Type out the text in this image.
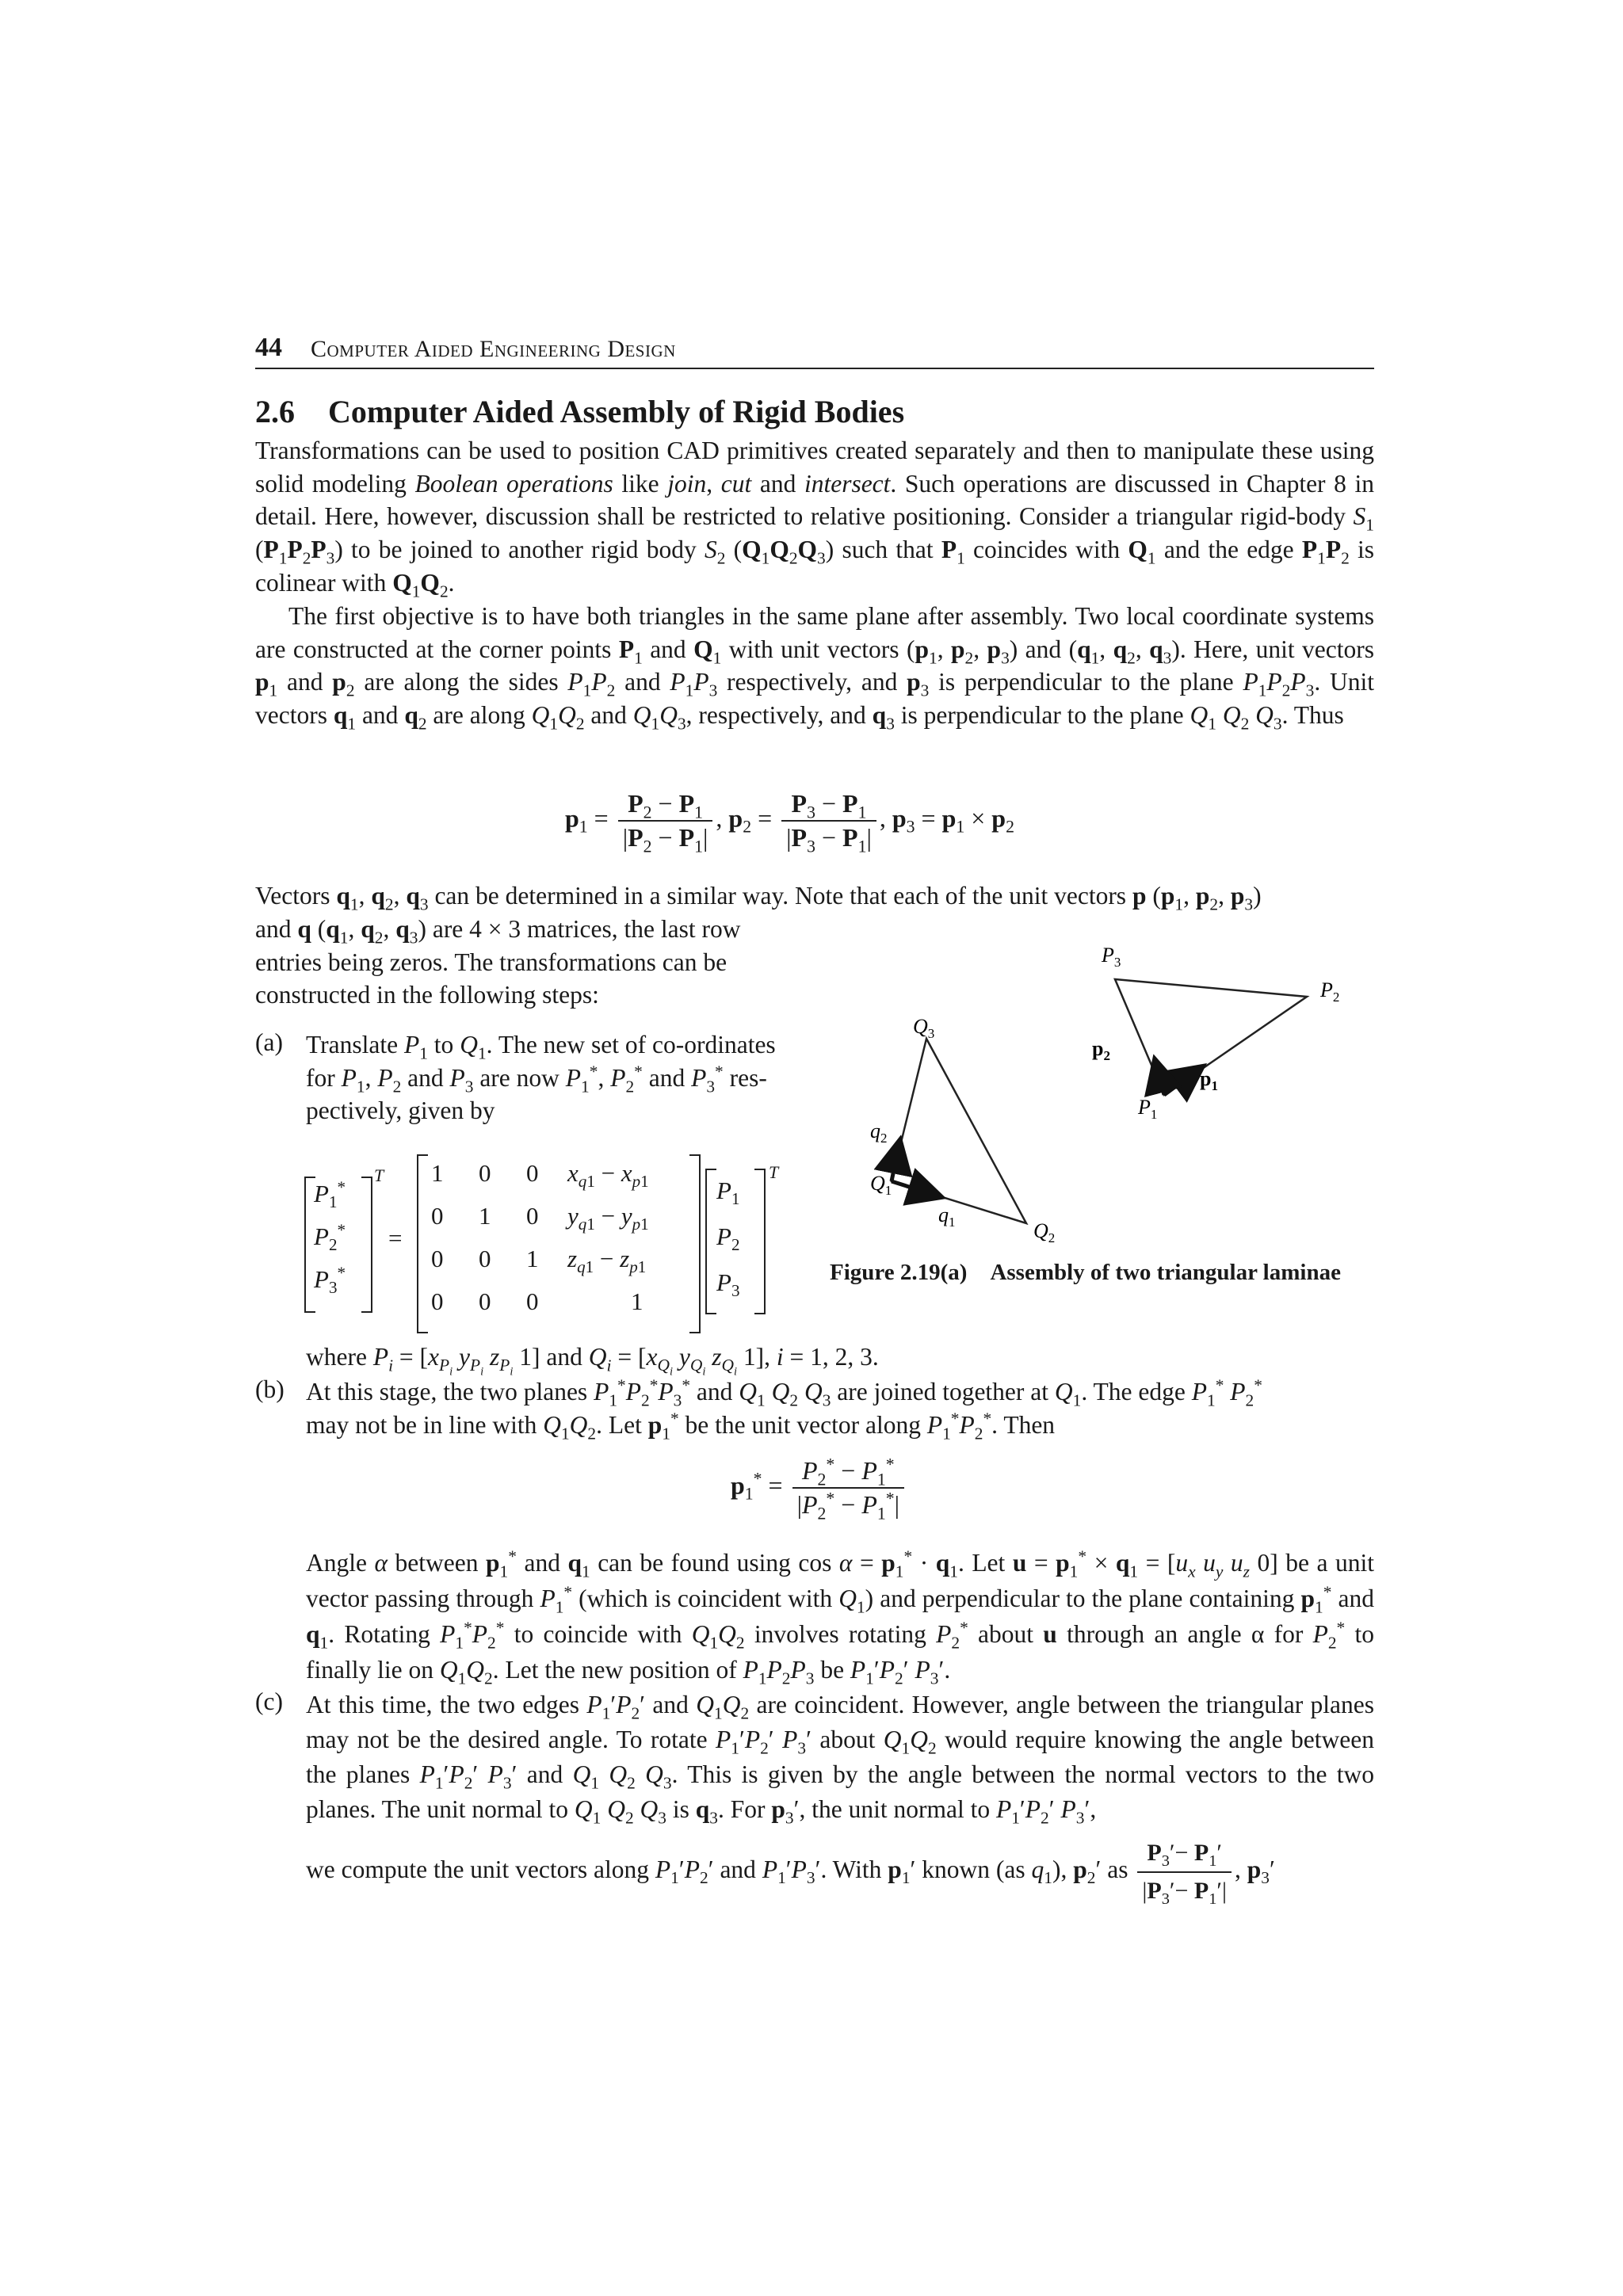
44 Computer Aided Engineering Design
2.6 Computer Aided Assembly of Rigid Bodies
Transformations can be used to position CAD primitives created separately and then to manipulate these using solid modeling Boolean operations like join, cut and intersect. Such operations are discussed in Chapter 8 in detail. Here, however, discussion shall be restricted to relative positioning. Consider a triangular rigid-body $S_1$ $(P_1P_2P_3)$ to be joined to another rigid body $S_2$ $(Q_1Q_2Q_3)$ such that $P_1$ coincides with $Q_1$ and the edge $P_1P_2$ is colinear with $Q_1Q_2$.
The first objective is to have both triangles in the same plane after assembly. Two local coordinate systems are constructed at the corner points $P_1$ and $Q_1$ with unit vectors ($p_1$, $p_2$, $p_3$) and ($q_1$, $q_2$, $q_3$). Here, unit vectors $p_1$ and $p_2$ are along the sides $P_1P_2$ and $P_1P_3$ respectively, and $p_3$ is perpendicular to the plane $P_1P_2P_3$. Unit vectors $q_1$ and $q_2$ are along $Q_1Q_2$ and $Q_1Q_3$, respectively, and $q_3$ is perpendicular to the plane $Q_1$ $Q_2$ $Q_3$. Thus
$p_1 = \frac{P_2 - P_1}{|P_2 - P_1|}$ , $p_2 = \frac{P_3 - P_1}{|P_3 - P_1|}$ , $p_3 = p_1 \times p_2$
Vectors $q_1$, $q_2$, $q_3$ can be determined in a similar way. Note that each of the unit vectors p ($p_1$, $p_2$, $p_3$)
and q ($q_1$, $q_2$, $q_3$) are 4 × 3 matrices, the last row
entries being zeros. The transformations can be
constructed in the following steps:
(a) Translate $P_1$ to $Q_1$. The new set of co-ordinates
for $P_1$, $P_2$ and $P_3$ are now $P_1^*$, $P_2^*$ and $P_3^*$ res-
pectively, given by
$P_1^*$
$P_2^*$
$P_3^*$
T
=
1 0 0 $x_{q1} - x_{p1}$
0 1 0 $y_{q1} - y_{p1}$
0 0 1 $z_{q1} - z_{p1}$
0 0 0	1
$P_1$
$P_2$
$P_3$
T
$P_3$
$P_2$
$P_1$
$p_2$
$p_1$
$Q_3$
$q_2$
$Q_1$
$q_1$	$Q_2$
Figure 2.19(a) Assembly of two triangular laminae
where $P_i = [x_{P_i}$ $y_{P_i}$ $z_{P_i}$ 1] and $Q_i = [x_{Q_i}$ $y_{Q_i}$ $z_{Q_i}$ 1], i = 1, 2, 3.
(b) At this stage, the two planes $P_1^*P_2^*P_3^*$ and $Q_1$ $Q_2$ $Q_3$ are joined together at $Q_1$. The edge $P_1^*$ $P_2^*$
may not be in line with $Q_1Q_2$. Let $p_1^*$ be the unit vector along $P_1^*P_2^*$. Then
$p_1^* = \frac{P_2^* - P_1^*}{|P_2^* - P_1^*|}$
Angle α between $p_1^*$ and $q_1$ can be found using $\cos \alpha = p_1^* \cdot q_1$. Let $u = p_1^* \times q_1 = [u_x$ $u_y$ $u_z$ 0] be a unit vector passing through $P_1^*$ (which is coincident with $Q_1$) and perpendicular to the plane containing $p_1^*$ and $q_1$. Rotating $P_1^*P_2^*$ to coincide with $Q_1Q_2$ involves rotating $P_2^*$ about u through an angle α for $P_2^*$ to finally lie on $Q_1Q_2$. Let the new position of $P_1P_2P_3$ be $P_1'P_2'$ $P_3'$.
(c) At this time, the two edges $P_1'P_2'$ and $Q_1Q_2$ are coincident. However, angle between the triangular planes may not be the desired angle. To rotate $P_1'P_2'$ $P_3'$ about $Q_1Q_2$ would require knowing the angle between the planes $P_1'P_2'$ $P_3'$ and $Q_1$ $Q_2$ $Q_3$. This is given by the angle between the normal vectors to the two planes. The unit normal to $Q_1$ $Q_2$ $Q_3$ is $q_3$. For $p_3'$, the unit normal to $P_1'P_2'$ $P_3'$,
we compute the unit vectors along $P_1'P_2'$ and $P_1'P_3'$. With $p_1'$ known (as $q_1$), $p_2'$ as $\frac{P_3'- P_1'}{|P_3'- P_1'|}$ , $p_3'$
